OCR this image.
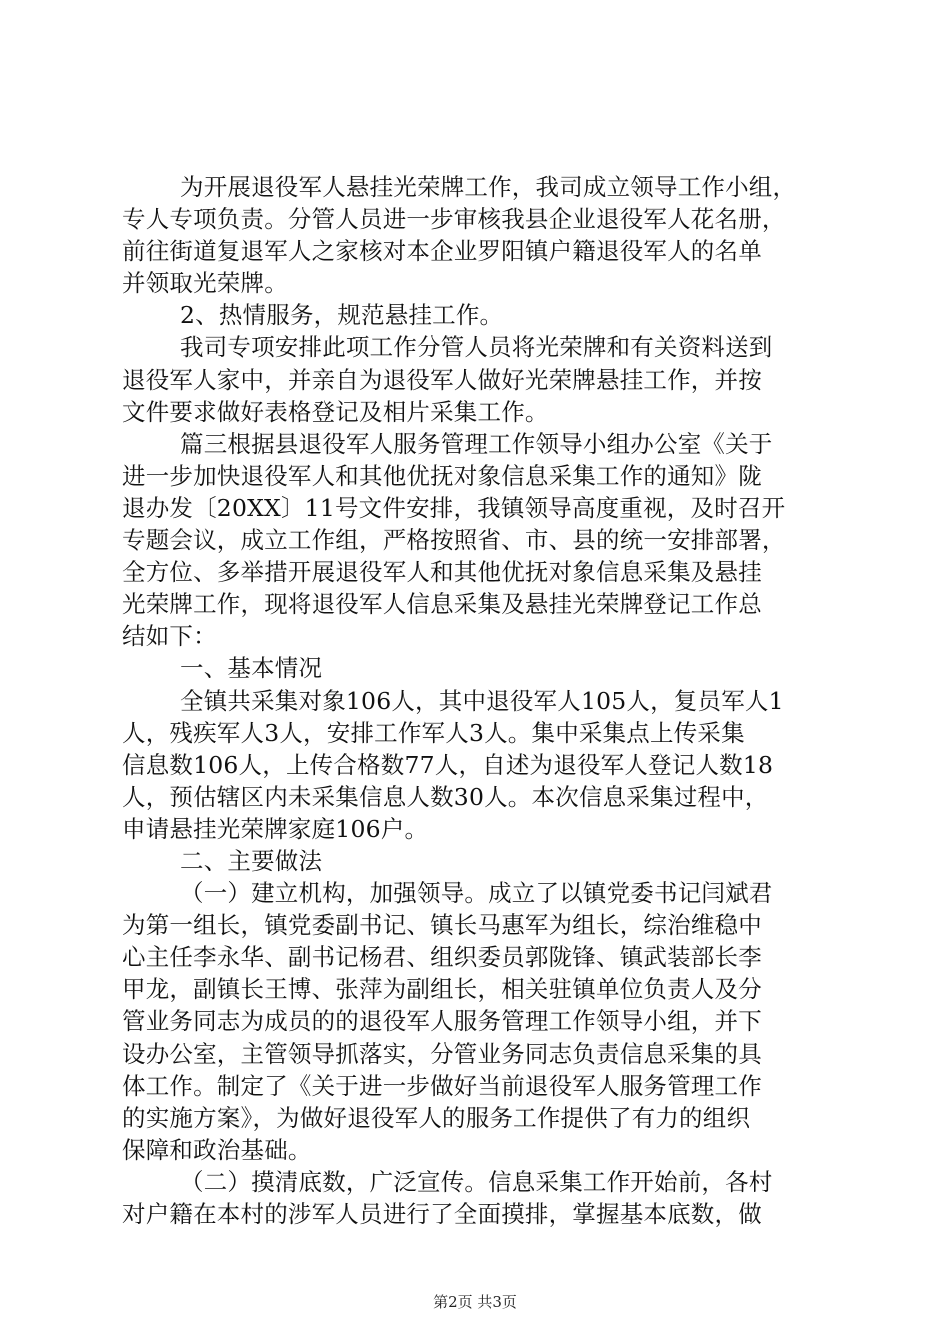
为开展退役军人悬挂光荣牌工作，我司成立领导工作小组，
专人专项负责。分管人员进一步审核我县企业退役军人花名册，
前往街道复退军人之家核对本企业罗阳镇户籍退役军人的名单
并领取光荣牌。
2、热情服务，规范悬挂工作。
我司专项安排此项工作分管人员将光荣牌和有关资料送到
退役军人家中，并亲自为退役军人做好光荣牌悬挂工作，并按
文件要求做好表格登记及相片采集工作。
篇三根据县退役军人服务管理工作领导小组办公室《关于
进一步加快退役军人和其他优抚对象信息采集工作的通知》陇
退办发〔20XX〕11号文件安排，我镇领导高度重视，及时召开
专题会议，成立工作组，严格按照省、市、县的统一安排部署，
全方位、多举措开展退役军人和其他优抚对象信息采集及悬挂
光荣牌工作，现将退役军人信息采集及悬挂光荣牌登记工作总
结如下：
一、基本情况
全镇共采集对象106人，其中退役军人105人，复员军人1
人，残疾军人3人，安排工作军人3人。集中采集点上传采集
信息数106人，上传合格数77人，自述为退役军人登记人数18
人，预估辖区内未采集信息人数30人。本次信息采集过程中，
申请悬挂光荣牌家庭106户。
二、主要做法
（一）建立机构，加强领导。成立了以镇党委书记闫斌君
为第一组长，镇党委副书记、镇长马惠军为组长，综治维稳中
心主任李永华、副书记杨君、组织委员郭陇锋、镇武装部长李
甲龙，副镇长王博、张萍为副组长，相关驻镇单位负责人及分
管业务同志为成员的的退役军人服务管理工作领导小组，并下
设办公室，主管领导抓落实，分管业务同志负责信息采集的具
体工作。制定了《关于进一步做好当前退役军人服务管理工作
的实施方案》，为做好退役军人的服务工作提供了有力的组织
保障和政治基础。
（二）摸清底数，广泛宣传。信息采集工作开始前，各村
对户籍在本村的涉军人员进行了全面摸排，掌握基本底数，做
第2页 共3页
